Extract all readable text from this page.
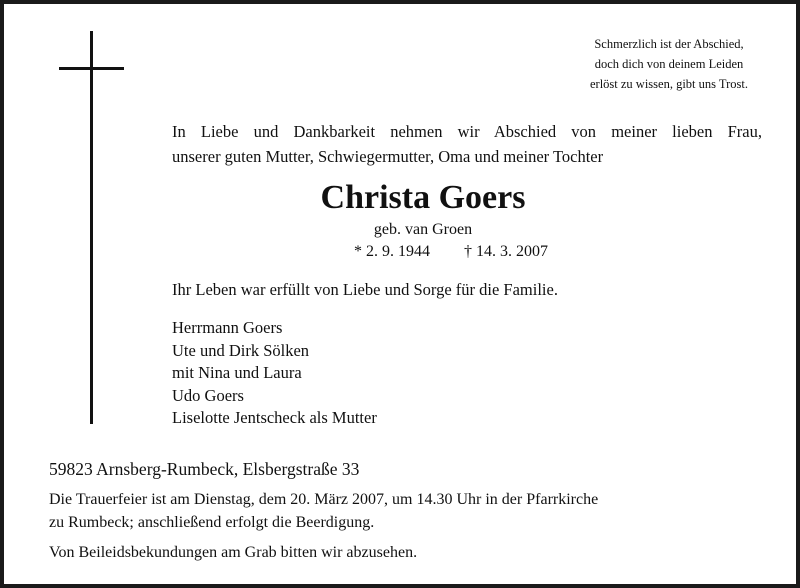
Schmerzlich ist der Abschied,
doch dich von deinem Leiden
erlöst zu wissen, gibt uns Trost.
In Liebe und Dankbarkeit nehmen wir Abschied von meiner lieben Frau,
unserer guten Mutter, Schwiegermutter, Oma und meiner Tochter
Christa Goers
geb. van Groen
* 2. 9. 1944 † 14. 3. 2007
Ihr Leben war erfüllt von Liebe und Sorge für die Familie.
Herrmann Goers
Ute und Dirk Sölken
mit Nina und Laura
Udo Goers
Liselotte Jentscheck als Mutter
59823 Arnsberg-Rumbeck, Elsbergstraße 33
Die Trauerfeier ist am Dienstag, dem 20. März 2007, um 14.30 Uhr in der Pfarrkirche
zu Rumbeck; anschließend erfolgt die Beerdigung.
Von Beileidsbekundungen am Grab bitten wir abzusehen.
